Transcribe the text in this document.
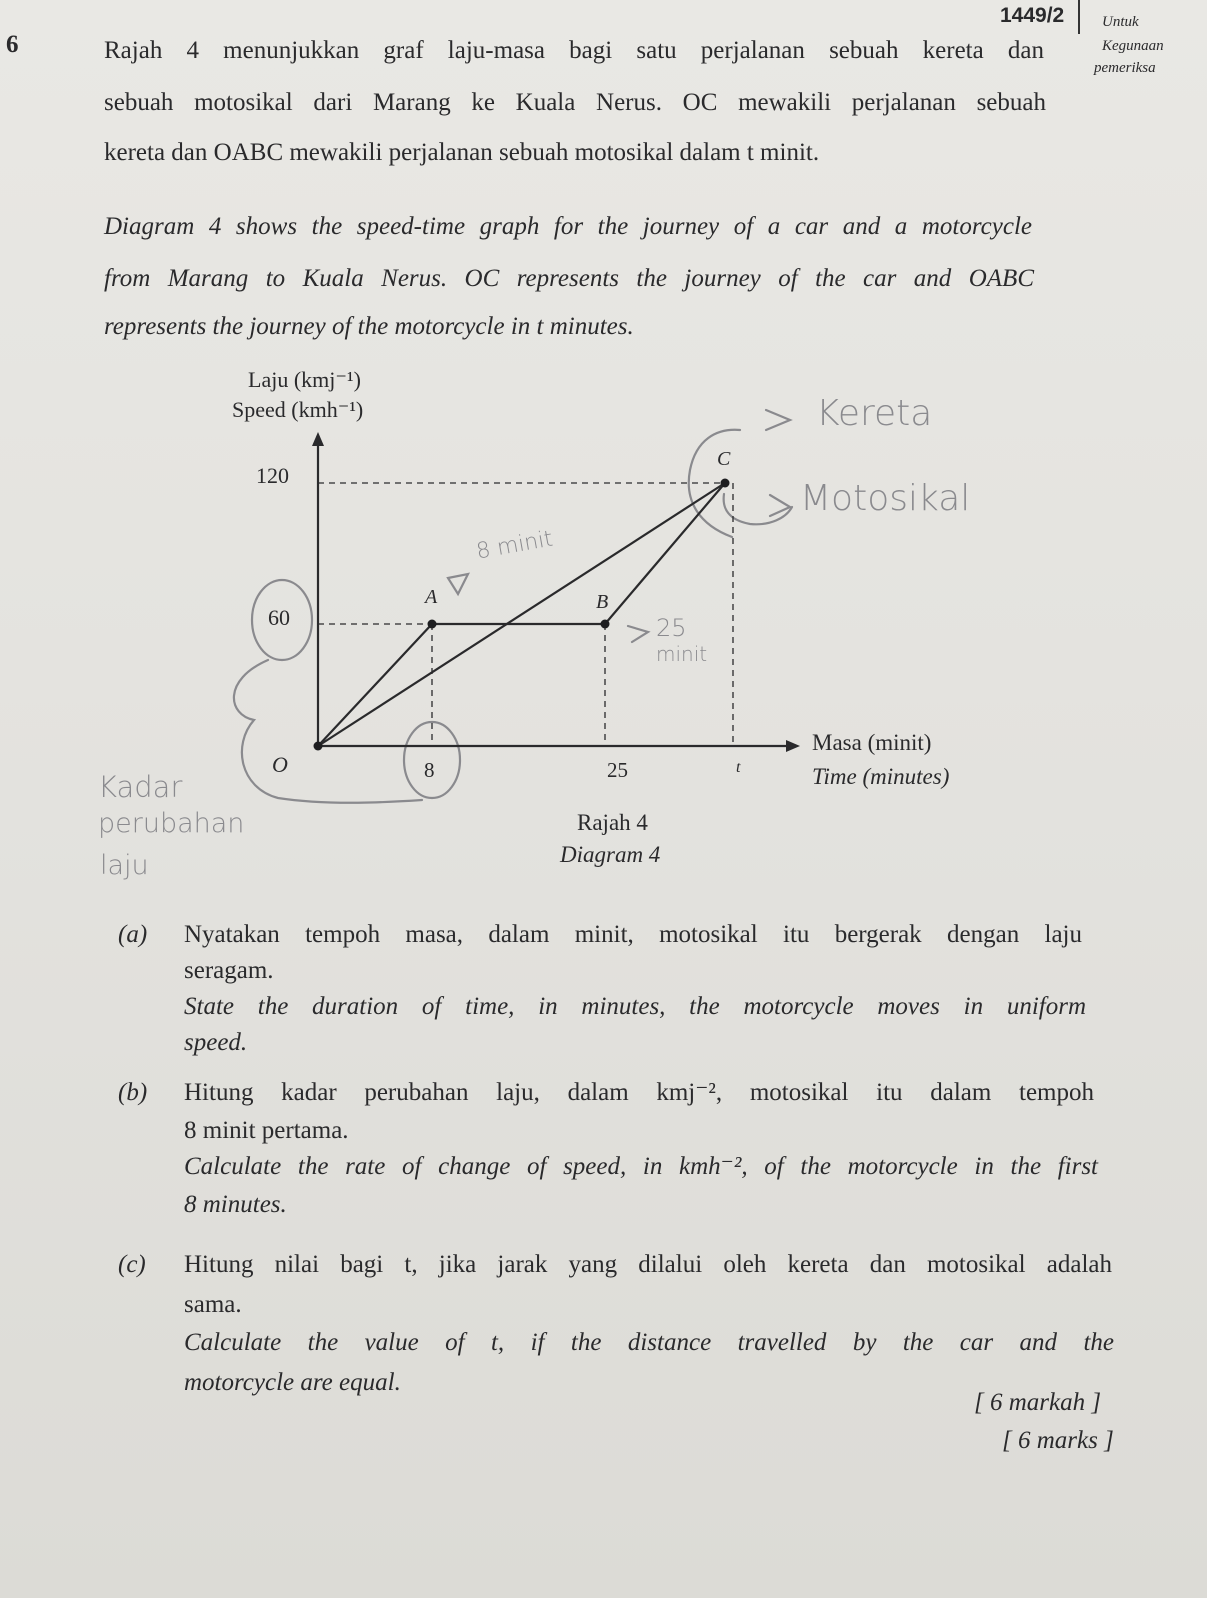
1449/2	Untuk
Kegunaan
pemeriksa
6	Rajah 4 menunjukkan graf laju-masa bagi satu perjalanan sebuah kereta dan
sebuah motosikal dari Marang ke Kuala Nerus. OC mewakili perjalanan sebuah
kereta dan OABC mewakili perjalanan sebuah motosikal dalam t minit.
Diagram 4 shows the speed-time graph for the journey of a car and a motorcycle
from Marang to Kuala Nerus. OC represents the journey of the car and OABC
represents the journey of the motorcycle in t minutes.
Laju (kmj⁻¹)
Speed (kmh⁻¹)
120
60
O
A	B
C
8	25	t
Masa (minit)
Time (minutes)
Rajah 4
Diagram 4
Kereta
Motosikal
8 minit
25
minit
Kadar
perubahan
laju
(a) Nyatakan tempoh masa, dalam minit, motosikal itu bergerak dengan laju
seragam.
State the duration of time, in minutes, the motorcycle moves in uniform
speed.
(b) Hitung kadar perubahan laju, dalam kmj⁻², motosikal itu dalam tempoh
8 minit pertama.
Calculate the rate of change of speed, in kmh⁻², of the motorcycle in the first
8 minutes.
(c) Hitung nilai bagi t, jika jarak yang dilalui oleh kereta dan motosikal adalah
sama.
Calculate the value of t, if the distance travelled by the car and the
motorcycle are equal.
[ 6 markah ]
[ 6 marks ]
